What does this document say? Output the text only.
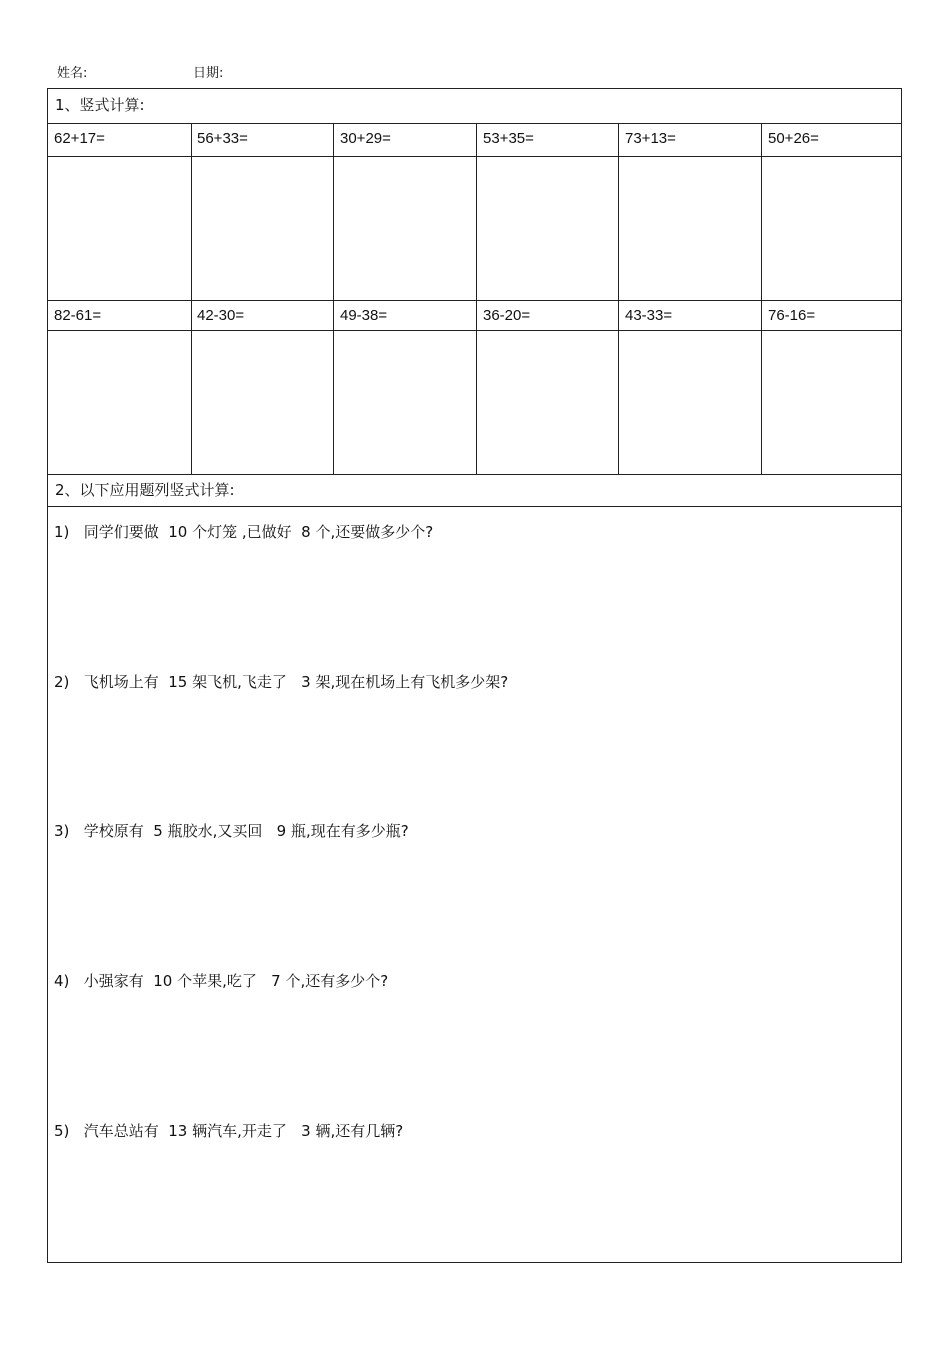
姓名:	日期:
1、竖式计算:
62+17=	56+33=	30+29=	53+35=	73+13=	50+26=
82-61=	42-30=	49-38=	36-20=	43-33=	76-16=
2、以下应用题列竖式计算:
1) 同学们要做  10 个灯笼 ,已做好  8 个,还要做多少个?
2) 飞机场上有  15 架飞机,飞走了   3 架,现在机场上有飞机多少架?
3) 学校原有  5 瓶胶水,又买回   9 瓶,现在有多少瓶?
4) 小强家有  10 个苹果,吃了   7 个,还有多少个?
5) 汽车总站有  13 辆汽车,开走了   3 辆,还有几辆?
